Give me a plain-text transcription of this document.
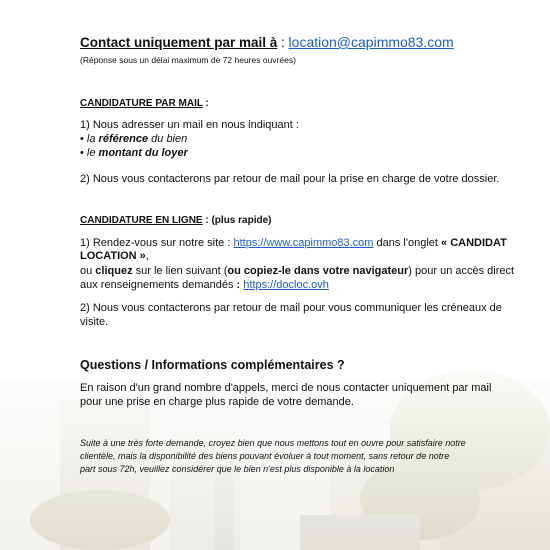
Contact uniquement par mail à : location@capimmo83.com
(Réponse sous un délai maximum de 72 heures ouvrées)
CANDIDATURE PAR MAIL :
1) Nous adresser un mail en nous indiquant :
• la référence du bien
• le montant du loyer
2) Nous vous contacterons par retour de mail pour la prise en charge de votre dossier.
CANDIDATURE EN LIGNE : (plus rapide)
1) Rendez-vous sur notre site : https://www.capimmo83.com dans l'onglet « CANDIDAT
LOCATION »,
ou cliquez sur le lien suivant (ou copiez-le dans votre navigateur) pour un accès direct
aux renseignements demandés : https://docloc.ovh
2) Nous vous contacterons par retour de mail pour vous communiquer les créneaux de
visite.
Questions / Informations complémentaires ?
En raison d'un grand nombre d'appels, merci de nous contacter uniquement par mail
pour une prise en charge plus rapide de votre demande.
Suite à une très forte demande, croyez bien que nous mettons tout en ouvre pour satisfaire notre
clientèle, mais la disponibilité des biens pouvant évoluer à tout moment, sans retour de notre
part sous 72h, veuillez considérer que le bien n'est plus disponible à la location
